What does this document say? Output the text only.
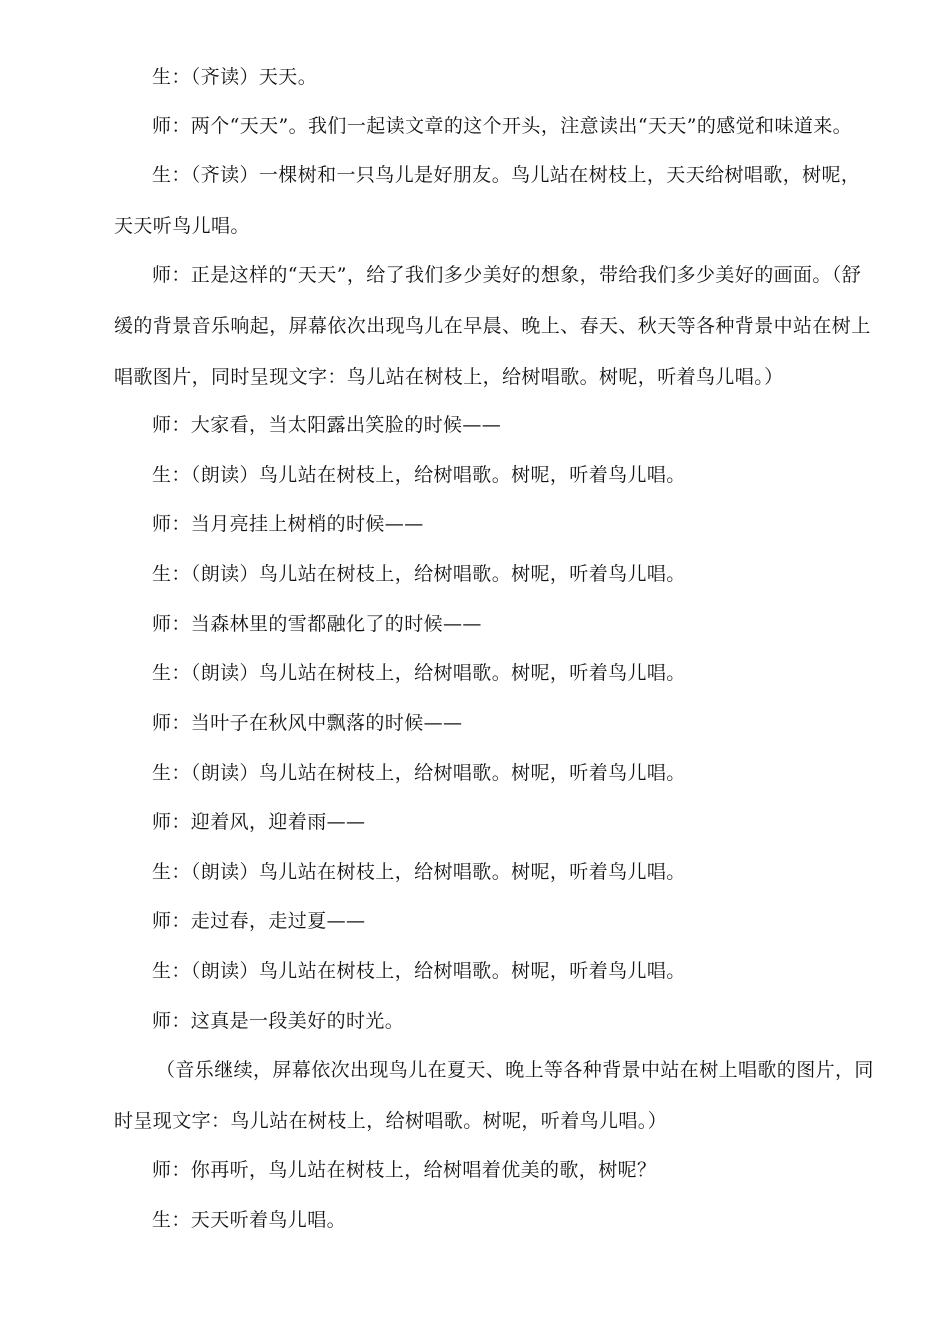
生：（齐读）天天。

师：两个“天天”。我们一起读文章的这个开头，注意读出“天天”的感觉和味道来。

生：（齐读）一棵树和一只鸟儿是好朋友。鸟儿站在树枝上，天天给树唱歌，树呢，天天听鸟儿唱。

师：正是这样的“天天”，给了我们多少美好的想象，带给我们多少美好的画面。（舒缓的背景音乐响起，屏幕依次出现鸟儿在早晨、晚上、春天、秋天等各种背景中站在树上唱歌图片，同时呈现文字：鸟儿站在树枝上，给树唱歌。树呢，听着鸟儿唱。）

师：大家看，当太阳露出笑脸的时候——

生：（朗读）鸟儿站在树枝上，给树唱歌。树呢，听着鸟儿唱。

师：当月亮挂上树梢的时候——

生：（朗读）鸟儿站在树枝上，给树唱歌。树呢，听着鸟儿唱。

师：当森林里的雪都融化了的时候——

生：（朗读）鸟儿站在树枝上，给树唱歌。树呢，听着鸟儿唱。

师：当叶子在秋风中飘落的时候——

生：（朗读）鸟儿站在树枝上，给树唱歌。树呢，听着鸟儿唱。

师：迎着风，迎着雨——

生：（朗读）鸟儿站在树枝上，给树唱歌。树呢，听着鸟儿唱。

师：走过春，走过夏——

生：（朗读）鸟儿站在树枝上，给树唱歌。树呢，听着鸟儿唱。

师：这真是一段美好的时光。

（音乐继续，屏幕依次出现鸟儿在夏天、晚上等各种背景中站在树上唱歌的图片，同时呈现文字：鸟儿站在树枝上，给树唱歌。树呢，听着鸟儿唱。）

师：你再听，鸟儿站在树枝上，给树唱着优美的歌，树呢？

生：天天听着鸟儿唱。
